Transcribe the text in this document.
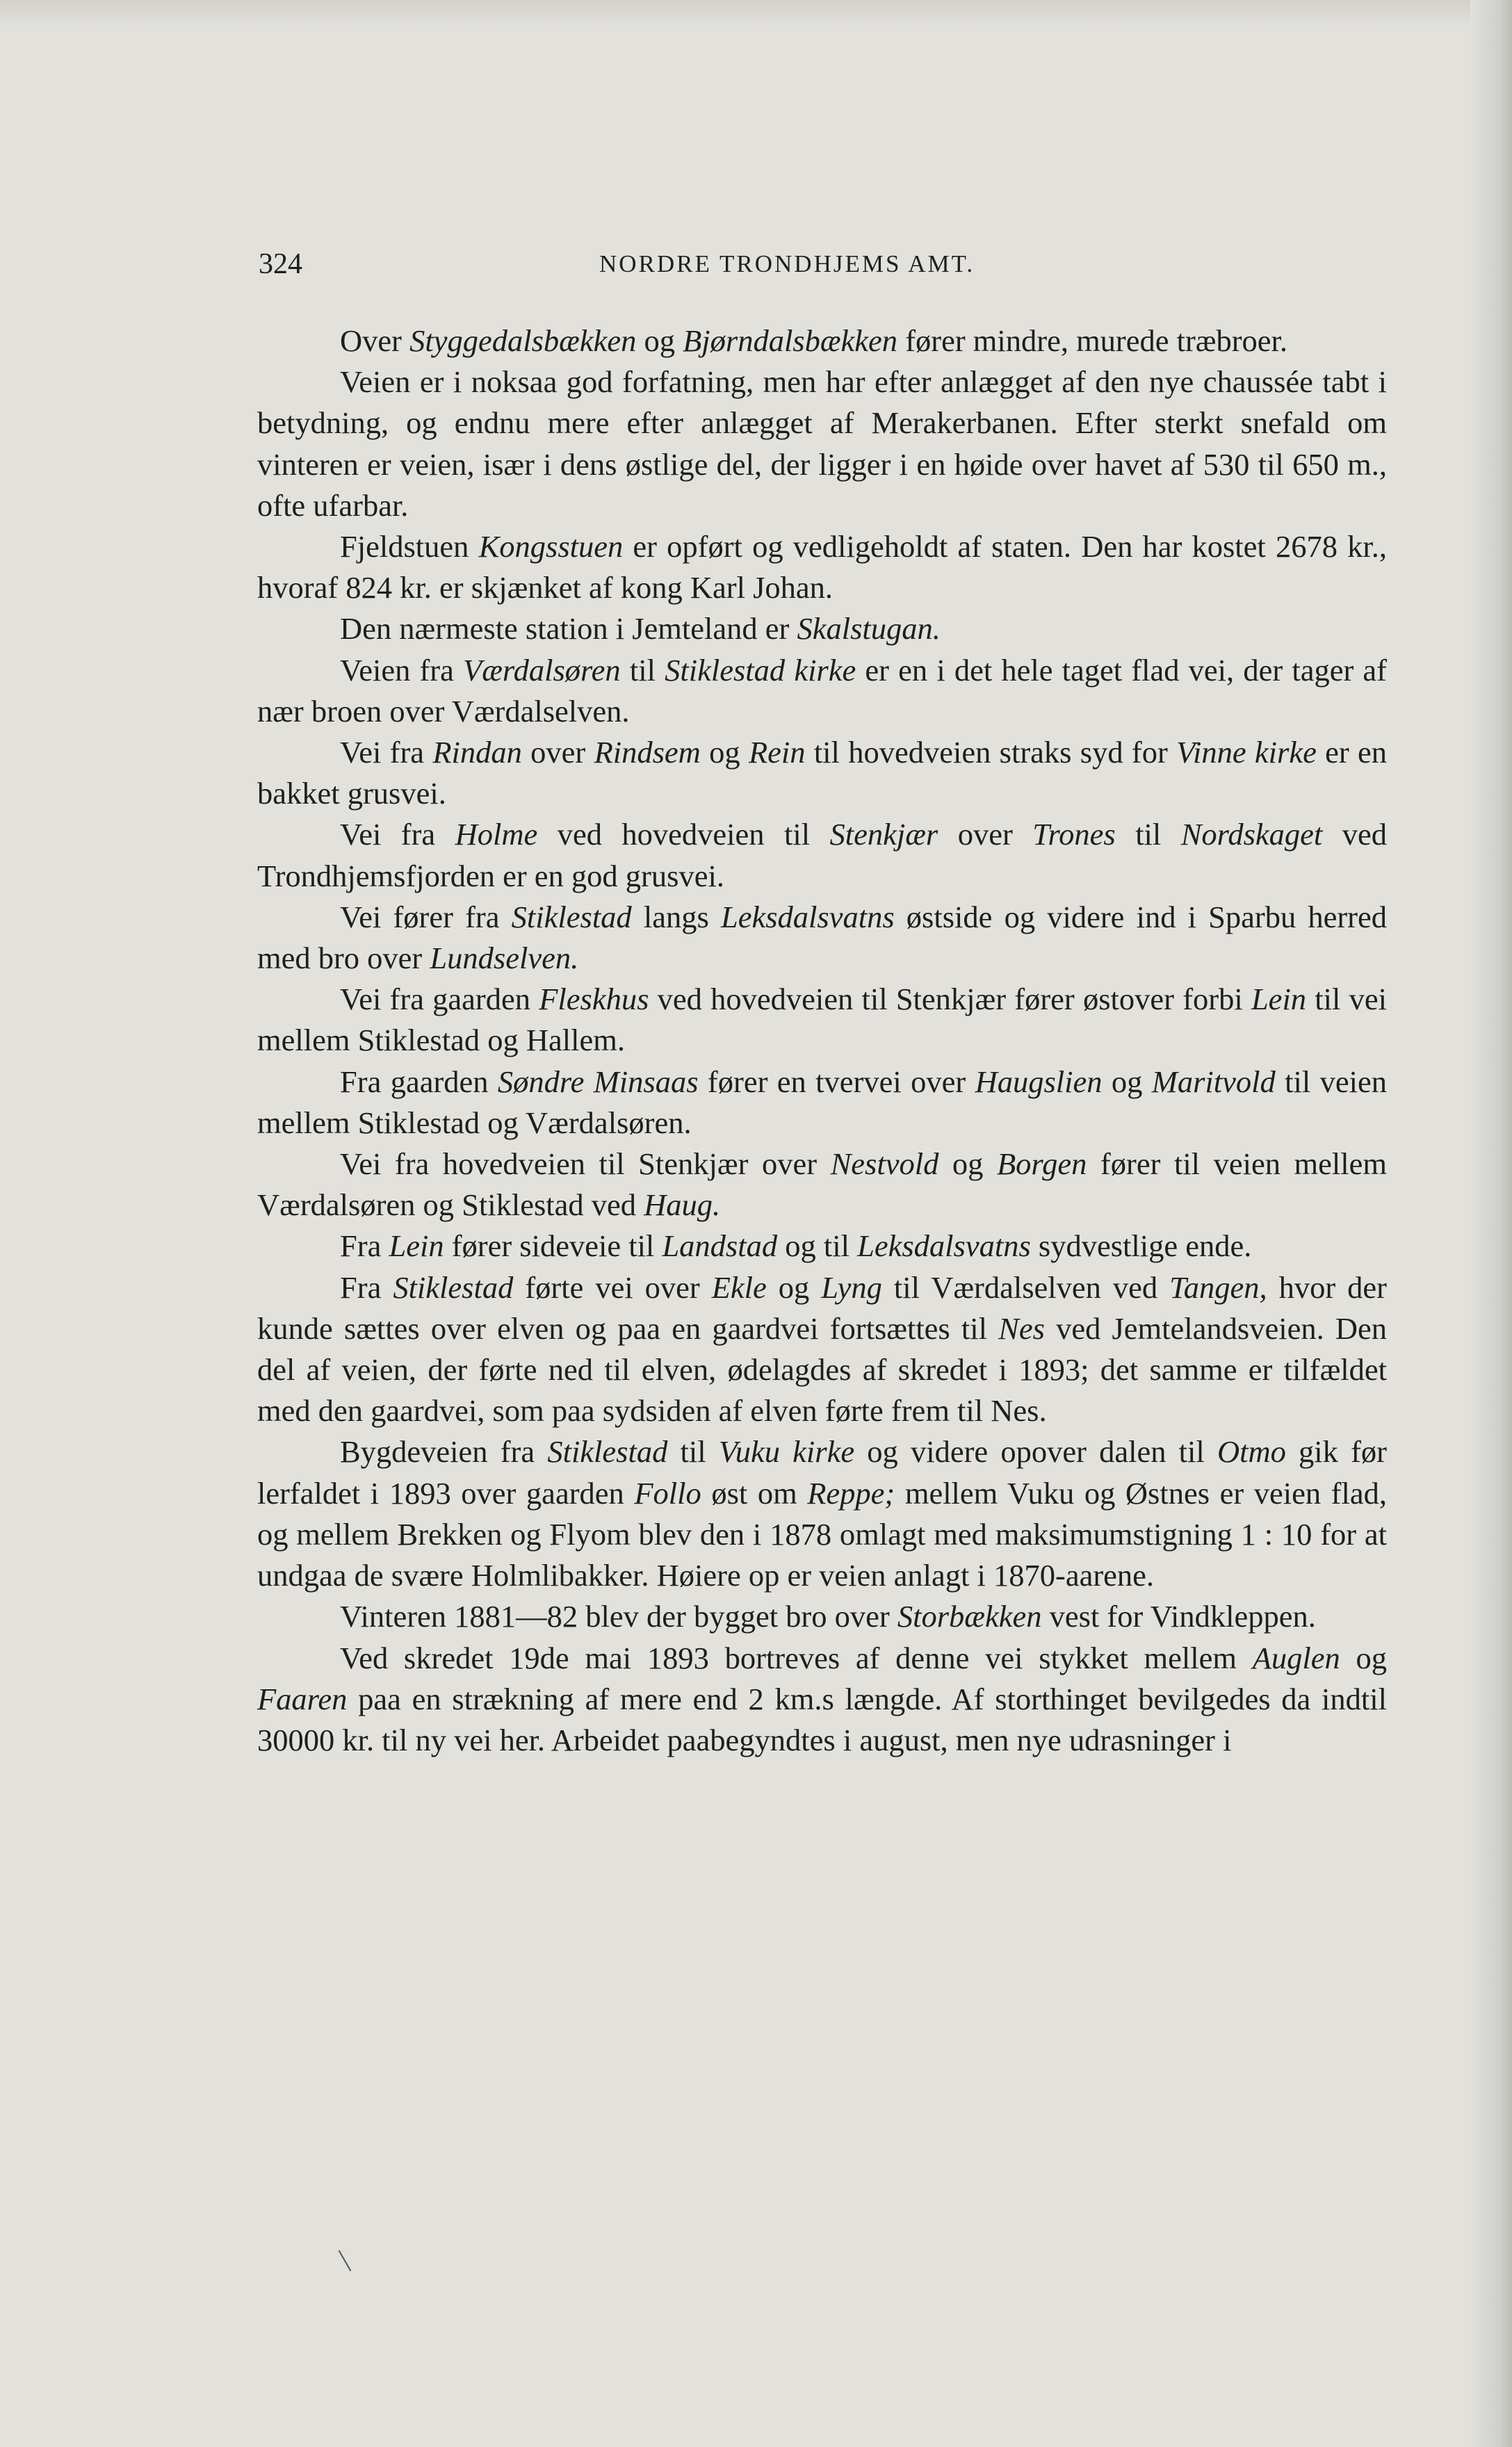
324	NORDRE TRONDHJEMS AMT.

Over Styggedalsbækken og Bjørndalsbækken fører mindre, murede træbroer.

Veien er i noksaa god forfatning, men har efter anlægget af den nye chaussée tabt i betydning, og endnu mere efter anlægget af Merakerbanen. Efter sterkt snefald om vinteren er veien, især i dens østlige del, der ligger i en høide over havet af 530 til 650 m., ofte ufarbar.

Fjeldstuen Kongsstuen er opført og vedligeholdt af staten. Den har kostet 2678 kr., hvoraf 824 kr. er skjænket af kong Karl Johan.

Den nærmeste station i Jemteland er Skalstugan.

Veien fra Værdalsøren til Stiklestad kirke er en i det hele taget flad vei, der tager af nær broen over Værdalselven.

Vei fra Rindan over Rindsem og Rein til hovedveien straks syd for Vinne kirke er en bakket grusvei.

Vei fra Holme ved hovedveien til Stenkjær over Trones til Nordskaget ved Trondhjemsfjorden er en god grusvei.

Vei fører fra Stiklestad langs Leksdalsvatns østside og videre ind i Sparbu herred med bro over Lundselven.

Vei fra gaarden Fleskhus ved hovedveien til Stenkjær fører østover forbi Lein til vei mellem Stiklestad og Hallem.

Fra gaarden Søndre Minsaas fører en tvervei over Haugslien og Maritvold til veien mellem Stiklestad og Værdalsøren.

Vei fra hovedveien til Stenkjær over Nestvold og Borgen fører til veien mellem Værdalsøren og Stiklestad ved Haug.

Fra Lein fører sideveie til Landstad og til Leksdalsvatns sydvestlige ende.

Fra Stiklestad førte vei over Ekle og Lyng til Værdalselven ved Tangen, hvor der kunde sættes over elven og paa en gaardvei fortsættes til Nes ved Jemtelandsveien. Den del af veien, der førte ned til elven, ødelagdes af skredet i 1893; det samme er tilfældet med den gaardvei, som paa sydsiden af elven førte frem til Nes.

Bygdeveien fra Stiklestad til Vuku kirke og videre opover dalen til Otmo gik før lerfaldet i 1893 over gaarden Follo øst om Reppe; mellem Vuku og Østnes er veien flad, og mellem Brekken og Flyom blev den i 1878 omlagt med maksimumstigning 1 : 10 for at undgaa de svære Holmlibakker. Høiere op er veien anlagt i 1870-aarene.

Vinteren 1881—82 blev der bygget bro over Storbækken vest for Vindkleppen.

Ved skredet 19de mai 1893 bortreves af denne vei stykket mellem Auglen og Faaren paa en strækning af mere end 2 km.s længde. Af storthinget bevilgedes da indtil 30000 kr. til ny vei her. Arbeidet paabegyndtes i august, men nye udrasninger i
